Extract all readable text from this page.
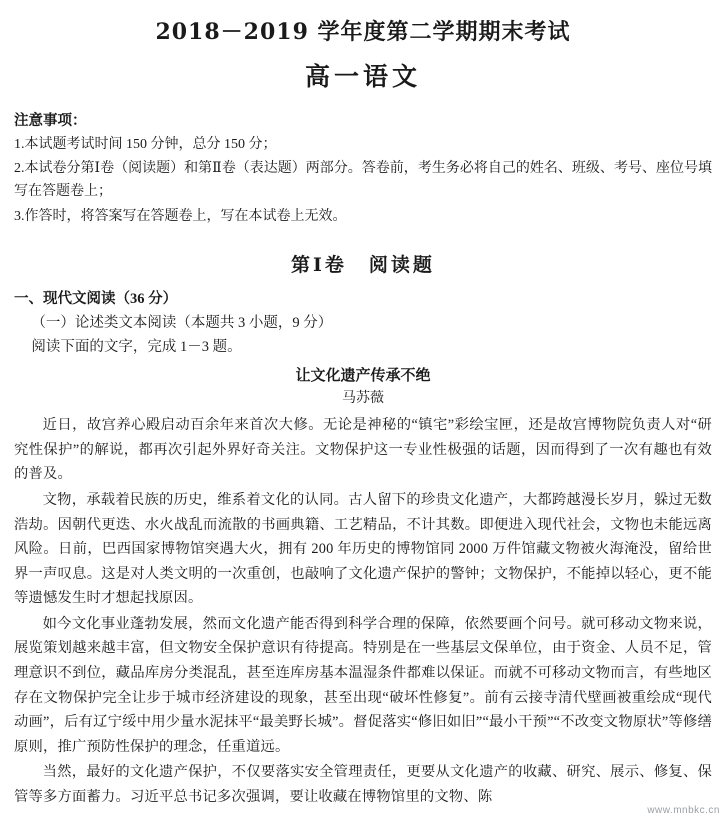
2018－2019 学年度第二学期期末考试
高一语文
注意事项：
1.本试题考试时间 150 分钟，总分 150 分；
2.本试卷分第Ⅰ卷（阅读题）和第Ⅱ卷（表达题）两部分。答卷前，考生务必将自己的姓名、班级、考号、座位号填写在答题卷上；
3.作答时，将答案写在答题卷上，写在本试卷上无效。
第Ⅰ卷　阅读题
一、现代文阅读（36 分）
（一）论述类文本阅读（本题共 3 小题，9 分）
阅读下面的文字，完成 1－3 题。
让文化遗产传承不绝
马苏薇
近日，故宫养心殿启动百余年来首次大修。无论是神秘的“镇宅”彩绘宝匣，还是故宫博物院负责人对“研究性保护”的解说，都再次引起外界好奇关注。文物保护这一专业性极强的话题，因而得到了一次有趣也有效的普及。
文物，承载着民族的历史，维系着文化的认同。古人留下的珍贵文化遗产，大都跨越漫长岁月，躲过无数浩劫。因朝代更迭、水火战乱而流散的书画典籍、工艺精品，不计其数。即便进入现代社会，文物也未能远离风险。日前，巴西国家博物馆突遇大火，拥有 200 年历史的博物馆同 2000 万件馆藏文物被火海淹没，留给世界一声叹息。这是对人类文明的一次重创，也敲响了文化遗产保护的警钟；文物保护，不能掉以轻心，更不能等遗憾发生时才想起找原因。
如今文化事业蓬勃发展，然而文化遗产能否得到科学合理的保障，依然要画个问号。就可移动文物来说，展览策划越来越丰富，但文物安全保护意识有待提高。特别是在一些基层文保单位，由于资金、人员不足，管理意识不到位，藏品库房分类混乱，甚至连库房基本温湿条件都难以保证。而就不可移动文物而言，有些地区存在文物保护完全让步于城市经济建设的现象，甚至出现“破坏性修复”。前有云接寺清代壁画被重绘成“现代动画”，后有辽宁绥中用少量水泥抹平“最美野长城”。督促落实“修旧如旧”“最小干预”“不改变文物原状”等修缮原则，推广预防性保护的理念，任重道远。
当然，最好的文化遗产保护，不仅要落实安全管理责任，更要从文化遗产的收藏、研究、展示、修复、保管等多方面蓄力。习近平总书记多次强调，要让收藏在博物馆里的文物、陈
www.mnbkc.cn
